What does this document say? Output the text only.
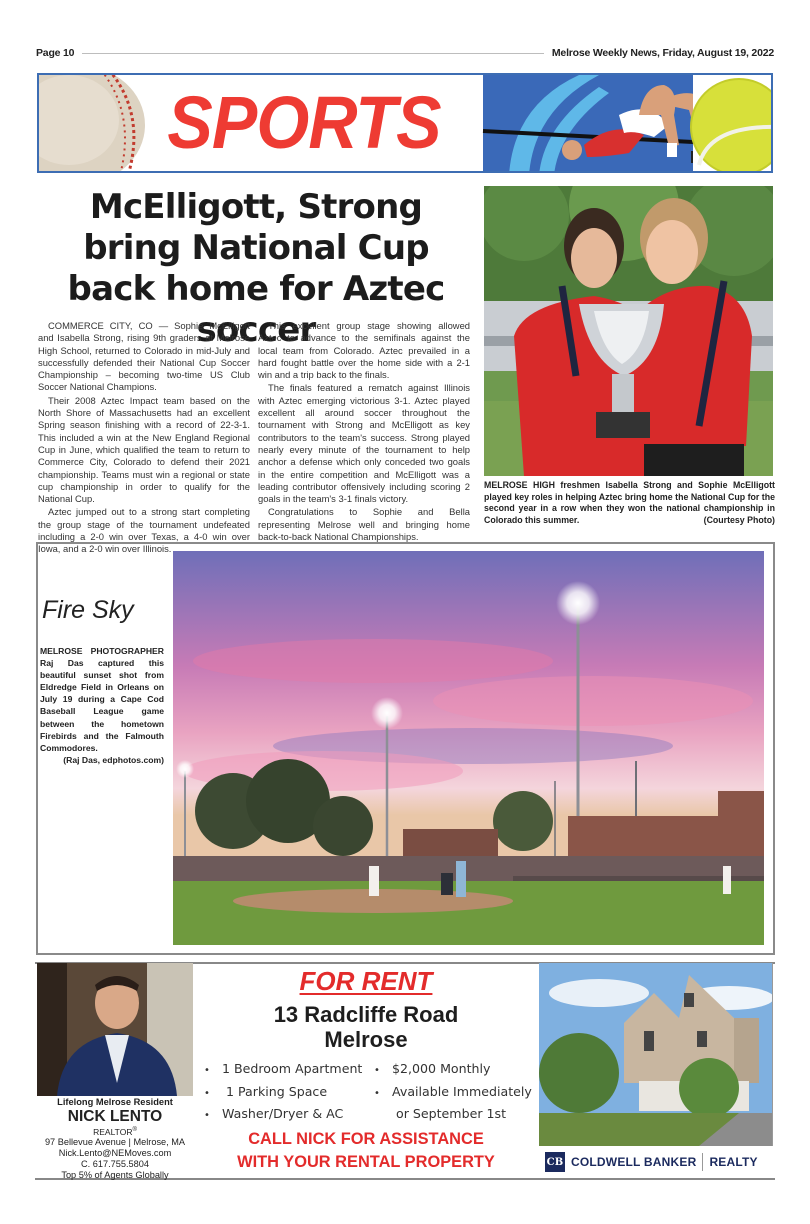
Page 10	Melrose Weekly News, Friday, August 19, 2022
SPORTS
McElligott, Strong bring National Cup back home for Aztec soccer

COMMERCE CITY, CO — Sophie McElligott and Isabella Strong, rising 9th graders at Melrose High School, returned to Colorado in mid-July and successfully defended their National Cup Soccer Championship – becoming two-time US Club Soccer National Champions.

Their 2008 Aztec Impact team based on the North Shore of Massachusetts had an excellent Spring season finishing with a record of 22-3-1. This included a win at the New England Regional Cup in June, which qualified the team to return to Commerce City, Colorado to defend their 2021 championship. Teams must win a regional or state cup championship in order to qualify for the National Cup.

Aztec jumped out to a strong start completing the group stage of the tournament undefeated including a 2-0 win over Texas, a 4-0 win over Iowa, and a 2-0 win over Illinois.

This excellent group stage showing allowed Aztec to advance to the semifinals against the local team from Colorado. Aztec prevailed in a hard fought battle over the home side with a 2-1 win and a trip back to the finals.

The finals featured a rematch against Illinois with Aztec emerging victorious 3-1. Aztec played excellent all around soccer throughout the tournament with Strong and McElligott as key contributors to the team's success. Strong played nearly every minute of the tournament to help anchor a defense which only conceded two goals in the entire competition and McElligott was a leading contributor offensively including scoring 2 goals in the team's 3-1 finals victory.

Congratulations to Sophie and Bella representing Melrose well and bringing home back-to-back National Championships.

MELROSE HIGH freshmen Isabella Strong and Sophie McElligott played key roles in helping Aztec bring home the National Cup for the second year in a row when they won the national championship in Colorado this summer.	(Courtesy Photo)
Fire Sky
MELROSE PHOTOGRAPHER Raj Das captured this beautiful sunset shot from Eldredge Field in Orleans on July 19 during a Cape Cod Baseball League game between the hometown Firebirds and the Falmouth Commodores.
(Raj Das, edphotos.com)
Lifelong Melrose Resident
NICK LENTO
REALTOR®
97 Bellevue Avenue | Melrose, MA
Nick.Lento@NEMoves.com
C. 617.755.5804
Top 5% of Agents Globally
FOR RENT
13 Radcliffe Road
Melrose
• 1 Bedroom Apartment
• 1 Parking Space
• Washer/Dryer & AC
• $2,000 Monthly
• Available Immediately
or September 1st
CALL NICK FOR ASSISTANCE
WITH YOUR RENTAL PROPERTY	CB COLDWELL BANKER REALTY
